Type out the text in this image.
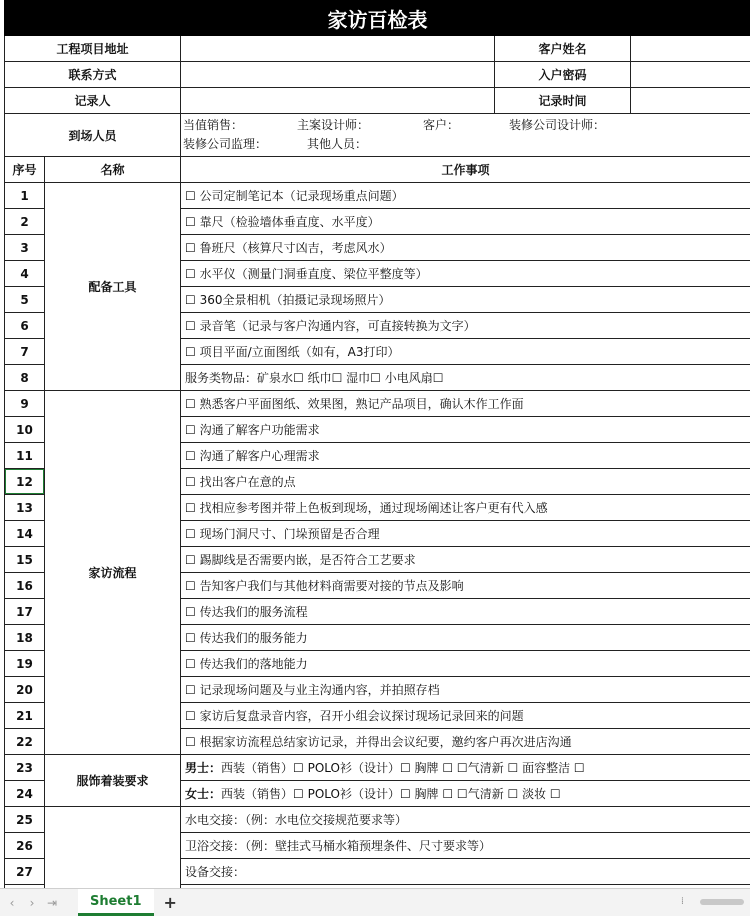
家访百检表				
工程项目地址			客户姓名	
联系方式			入户密码	
记录人			记录时间	
到场人员		当值销售： 主案设计师： 客户： 装修公司设计师：
装修公司监理： 其他人员：		

序号	名称	工作事项		
1	配备工具	☐ 公司定制笔记本（记录现场重点问题）		
2		☐ 靠尺（检验墙体垂直度、水平度）		
3		☐ 鲁班尺（核算尺寸凶吉，考虑风水）		
4		☐ 水平仪（测量门洞垂直度、梁位平整度等）		
5		☐ 360全景相机（拍摄记录现场照片）		
6		☐ 录音笔（记录与客户沟通内容，可直接转换为文字）		
7		☐ 项目平面/立面图纸（如有，A3打印）		
8		服务类物品：矿泉水☐ 纸巾☐ 湿巾☐ 小电风扇☐		
9	家访流程	☐ 熟悉客户平面图纸、效果图，熟记产品项目，确认木作工作面		
10		☐ 沟通了解客户功能需求		
11		☐ 沟通了解客户心理需求		
12		☐ 找出客户在意的点		
13		☐ 找相应参考图并带上色板到现场，通过现场阐述让客户更有代入感		
14		☐ 现场门洞尺寸、门垛预留是否合理		
15		☐ 踢脚线是否需要内嵌，是否符合工艺要求		
16		☐ 告知客户我们与其他材料商需要对接的节点及影响		
17		☐ 传达我们的服务流程		
18		☐ 传达我们的服务能力		
19		☐ 传达我们的落地能力		
20		☐ 记录现场问题及与业主沟通内容，并拍照存档		
21		☐ 家访后复盘录音内容，召开小组会议探讨现场记录回来的问题		
22		☐ 根据家访流程总结家访记录，并得出会议纪要，邀约客户再次进店沟通		
23	服饰着装要求	男士：西装（销售）☐ POLO衫（设计）☐ 胸牌 ☐ ☐气清新 ☐ 面容整洁 ☐		
24		女士：西装（销售）☐ POLO衫（设计）☐ 胸牌 ☐ ☐气清新 ☐ 淡妆 ☐		
25		水电交接：（例：水电位交接规范要求等）		
26		卫浴交接：（例：壁挂式马桶水箱预埋条件、尺寸要求等）		
27		设备交接：		

‹	›	⇥	Sheet1	+	⁞
